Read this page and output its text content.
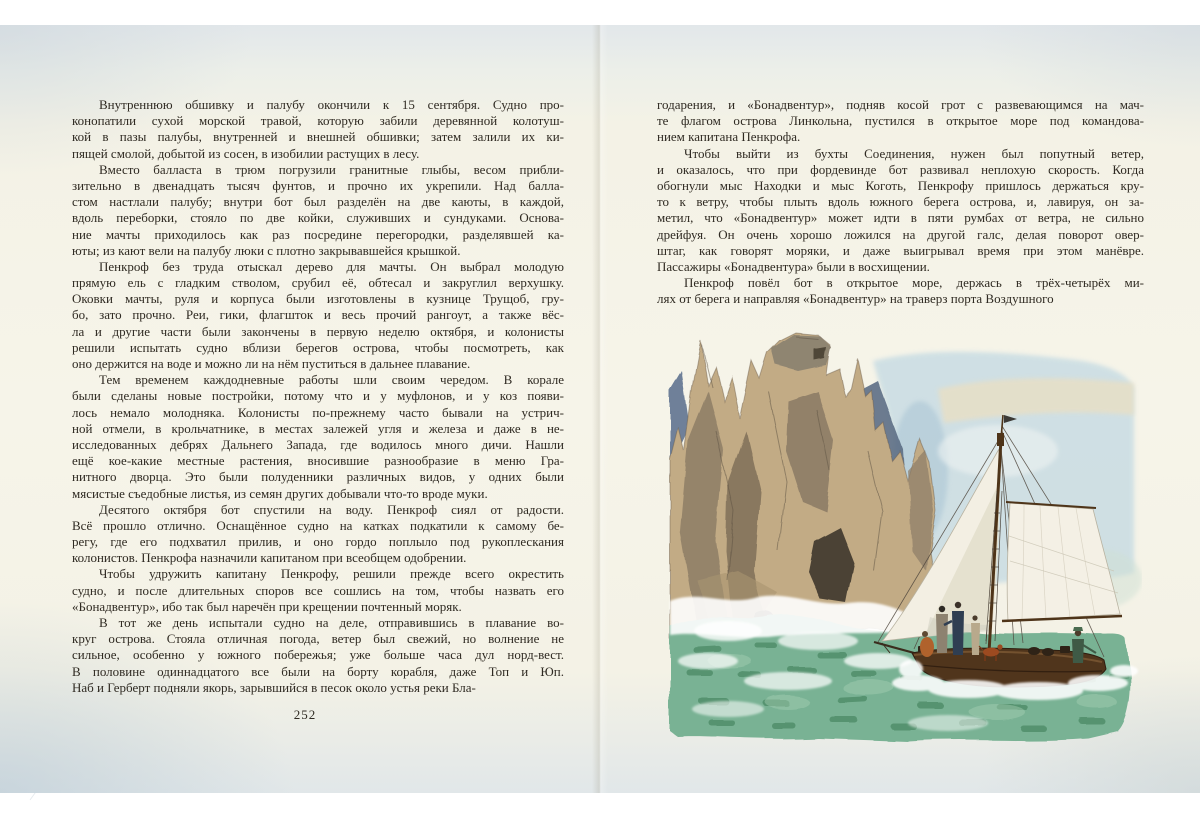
Внутреннюю обшивку и палубу окончили к 15 сентября. Судно про-
конопатили сухой морской травой, которую забили деревянной колотуш-
кой в пазы палубы, внутренней и внешней обшивки; затем залили их ки-
пящей смолой, добытой из сосен, в изобилии растущих в лесу.
Вместо балласта в трюм погрузили гранитные глыбы, весом прибли-
зительно в двенадцать тысяч фунтов, и прочно их укрепили. Над балла-
стом настлали палубу; внутри бот был разделён на две каюты, в каждой,
вдоль переборки, стояло по две койки, служивших и сундуками. Основа-
ние мачты приходилось как раз посредине перегородки, разделявшей ка-
юты; из кают вели на палубу люки с плотно закрывавшейся крышкой.
Пенкроф без труда отыскал дерево для мачты. Он выбрал молодую
прямую ель с гладким стволом, срубил её, обтесал и закруглил верхушку.
Оковки мачты, руля и корпуса были изготовлены в кузнице Трущоб, гру-
бо, зато прочно. Реи, гики, флагшток и весь прочий рангоут, а также вёс-
ла и другие части были закончены в первую неделю октября, и колонисты
решили испытать судно вблизи берегов острова, чтобы посмотреть, как
оно держится на воде и можно ли на нём пуститься в дальнее плавание.
Тем временем каждодневные работы шли своим чередом. В корале
были сделаны новые постройки, потому что и у муфлонов, и у коз появи-
лось немало молодняка. Колонисты по-прежнему часто бывали на устрич-
ной отмели, в крольчатнике, в местах залежей угля и железа и даже в не-
исследованных дебрях Дальнего Запада, где водилось много дичи. Нашли
ещё кое-какие местные растения, вносившие разнообразие в меню Гра-
нитного дворца. Это были полуденники различных видов, у одних были
мясистые съедобные листья, из семян других добывали что-то вроде муки.
Десятого октября бот спустили на воду. Пенкроф сиял от радости.
Всё прошло отлично. Оснащённое судно на катках подкатили к самому бе-
регу, где его подхватил прилив, и оно гордо поплыло под рукоплескания
колонистов. Пенкрофа назначили капитаном при всеобщем одобрении.
Чтобы удружить капитану Пенкрофу, решили прежде всего окрестить
судно, и после длительных споров все сошлись на том, чтобы назвать его
«Бонадвентур», ибо так был наречён при крещении почтенный моряк.
В тот же день испытали судно на деле, отправившись в плавание во-
круг острова. Стояла отличная погода, ветер был свежий, но волнение не
сильное, особенно у южного побережья; уже больше часа дул норд-вест.
В половине одиннадцатого все были на борту корабля, даже Топ и Юп.
Наб и Герберт подняли якорь, зарывшийся в песок около устья реки Бла-
252
годарения, и «Бонадвентур», подняв косой грот с развевающимся на мач-
те флагом острова Линкольна, пустился в открытое море под командова-
нием капитана Пенкрофа.
Чтобы выйти из бухты Соединения, нужен был попутный ветер,
и оказалось, что при фордевинде бот развивал неплохую скорость. Когда
обогнули мыс Находки и мыс Коготь, Пенкрофу пришлось держаться кру-
то к ветру, чтобы плыть вдоль южного берега острова, и, лавируя, он за-
метил, что «Бонадвентур» может идти в пяти румбах от ветра, не сильно
дрейфуя. Он очень хорошо ложился на другой галс, делая поворот овер-
штаг, как говорят моряки, и даже выигрывал время при этом манёвре.
Пассажиры «Бонадвентура» были в восхищении.
Пенкроф повёл бот в открытое море, держась в трёх-четырёх ми-
лях от берега и направляя «Бонадвентур» на траверз порта Воздушного
